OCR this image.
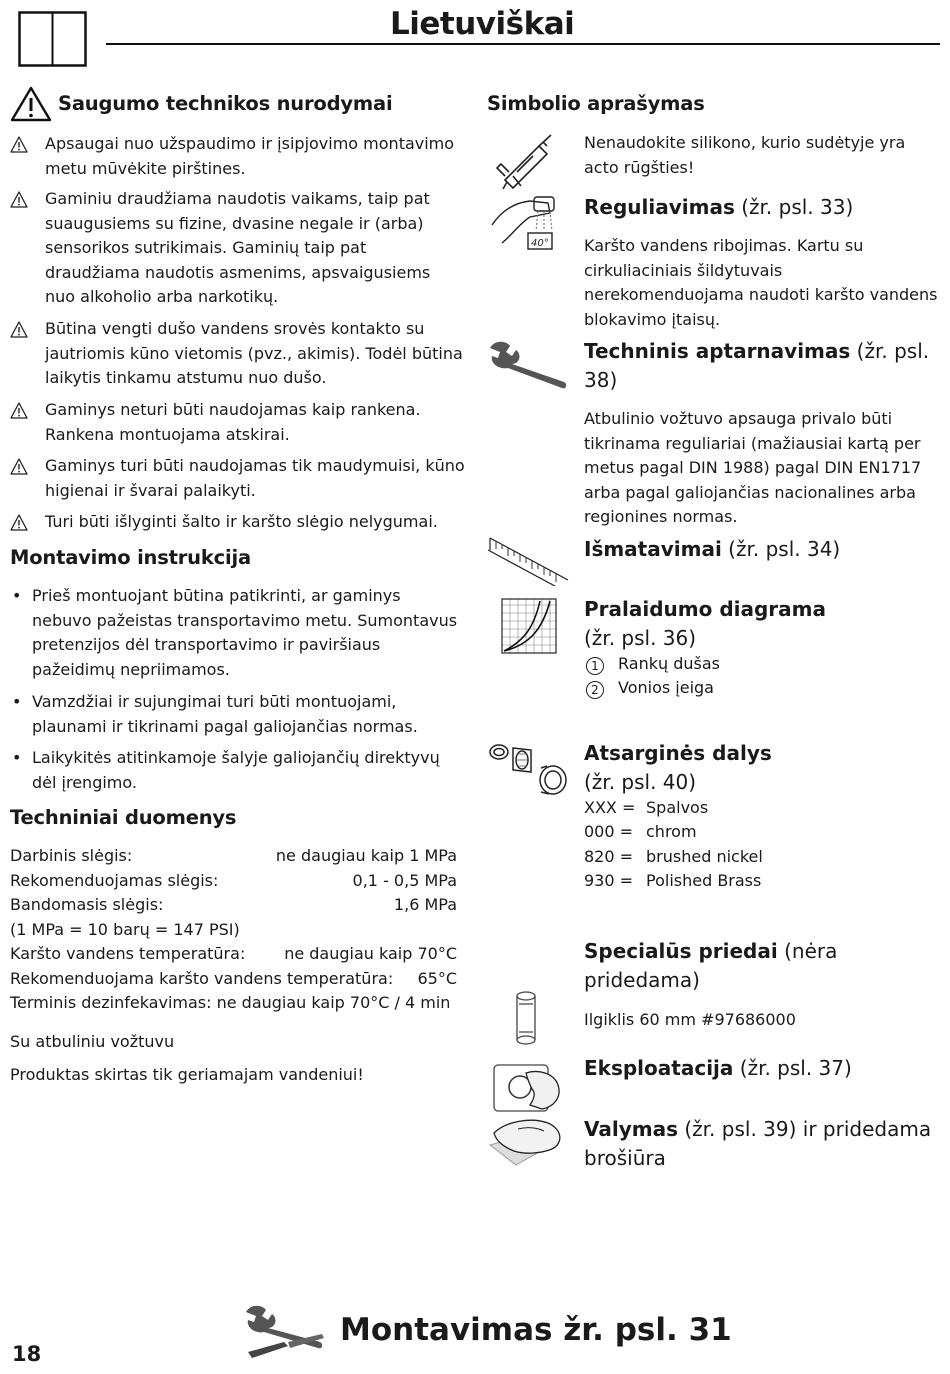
Lietuviškai
Saugumo technikos nurodymai
Apsaugai nuo užspaudimo ir įsipjovimo montavimo metu mūvėkite pirštines.
Gaminiu draudžiama naudotis vaikams, taip pat suaugusiems su fizine, dvasine negale ir (arba) sensorikos sutrikimais. Gaminių taip pat draudžiama naudotis asmenims, apsvaigusiems nuo alkoholio arba narkotikų.
Būtina vengti dušo vandens srovės kontakto su jautriomis kūno vietomis (pvz., akimis). Todėl būtina laikytis tinkamu atstumu nuo dušo.
Gaminys neturi būti naudojamas kaip rankena. Rankena montuojama atskirai.
Gaminys turi būti naudojamas tik maudymuisi, kūno higienai ir švarai palaikyti.
Turi būti išlyginti šalto ir karšto slėgio nelygumai.
Montavimo instrukcija
• Prieš montuojant būtina patikrinti, ar gaminys nebuvo pažeistas transportavimo metu. Sumontavus pretenzijos dėl transportavimo ir paviršiaus pažeidimų nepriimamos.
• Vamzdžiai ir sujungimai turi būti montuojami, plaunami ir tikrinami pagal galiojančias normas.
• Laikykitės atitinkamoje šalyje galiojančių direktyvų dėl įrengimo.
Techniniai duomenys
Darbinis slėgis:	ne daugiau kaip 1 MPa
Rekomenduojamas slėgis:	0,1 - 0,5 MPa
Bandomasis slėgis:	1,6 MPa
(1 MPa = 10 barų = 147 PSI)
Karšto vandens temperatūra: ne daugiau kaip 70°C
Rekomenduojama karšto vandens temperatūra: 65°C
Terminis dezinfekavimas: ne daugiau kaip 70°C / 4 min
Su atbuliniu vožtuvu
Produktas skirtas tik geriamajam vandeniui!
Simbolio aprašymas
Nenaudokite silikono, kurio sudėtyje yra acto rūgšties!
40°
Reguliavimas (žr. psl. 33)
Karšto vandens ribojimas. Kartu su cirkuliaciniais šildytuvais nerekomenduojama naudoti karšto vandens blokavimo įtaisų.
Techninis aptarnavimas (žr. psl. 38)
Atbulinio vožtuvo apsauga privalo būti tikrinama reguliariai (mažiausiai kartą per metus pagal DIN 1988) pagal DIN EN1717 arba pagal galiojančias nacionalines arba regionines normas.
Išmatavimai (žr. psl. 34)
Pralaidumo diagrama
(žr. psl. 36)
1 Rankų dušas
2 Vonios įeiga
Atsarginės dalys
(žr. psl. 40)
XXX = Spalvos
000 = chrom
820 = brushed nickel
930 = Polished Brass
Specialūs priedai (nėra pridedama)
Ilgiklis 60 mm #97686000
Eksploatacija (žr. psl. 37)
Valymas (žr. psl. 39) ir pridedama brošiūra
Montavimas žr. psl. 31
18
